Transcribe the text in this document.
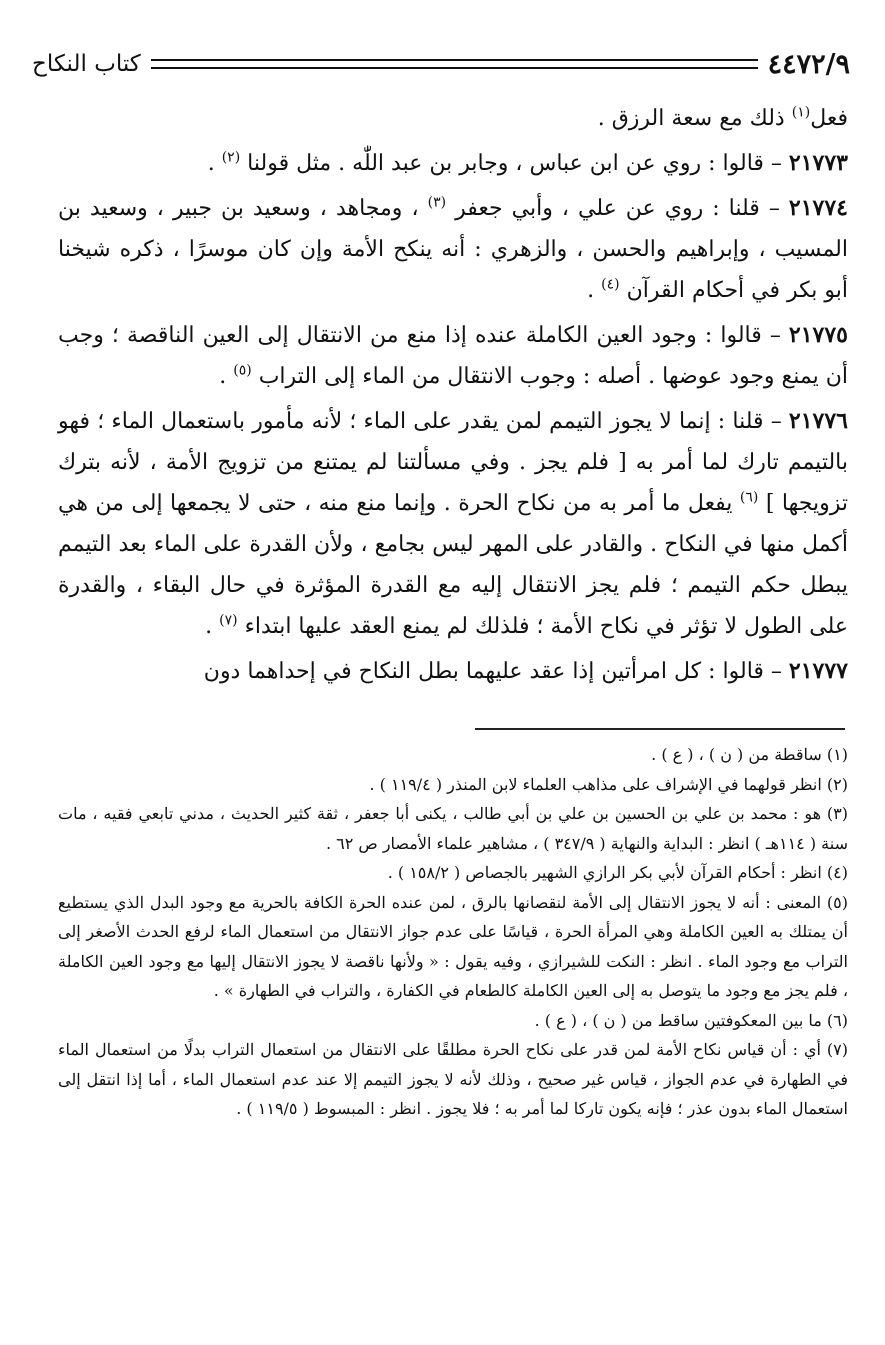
٤٤٧٢/٩
كتاب النكاح

فعل$^{(١)}$ ذلك مع سعة الرزق .

٢١٧٧٣ – قالوا : روي عن ابن عباس ، وجابر بن عبد اللّٰه . مثل قولنا $^{(٢)}$ .

٢١٧٧٤ – قلنا : روي عن علي ، وأبي جعفر $^{(٣)}$ ، ومجاهد ، وسعيد بن جبير ، وسعيد بن المسيب ، وإبراهيم والحسن ، والزهري : أنه ينكح الأمة وإن كان موسرًا ، ذكره شيخنا أبو بكر في أحكام القرآن $^{(٤)}$ .

٢١٧٧٥ – قالوا : وجود العين الكاملة عنده إذا منع من الانتقال إلى العين الناقصة ؛ وجب أن يمنع وجود عوضها . أصله : وجوب الانتقال من الماء إلى التراب $^{(٥)}$ .

٢١٧٧٦ – قلنا : إنما لا يجوز التيمم لمن يقدر على الماء ؛ لأنه مأمور باستعمال الماء ؛ فهو بالتيمم تارك لما أمر به [ فلم يجز . وفي مسألتنا لم يمتنع من تزويج الأمة ، لأنه بترك تزويجها ] $^{(٦)}$ يفعل ما أمر به من نكاح الحرة . وإنما منع منه ، حتى لا يجمعها إلى من هي أكمل منها في النكاح . والقادر على المهر ليس بجامع ، ولأن القدرة على الماء بعد التيمم يبطل حكم التيمم ؛ فلم يجز الانتقال إليه مع القدرة المؤثرة في حال البقاء ، والقدرة على الطول لا تؤثر في نكاح الأمة ؛ فلذلك لم يمنع العقد عليها ابتداء $^{(٧)}$ .

٢١٧٧٧ – قالوا : كل امرأتين إذا عقد عليهما بطل النكاح في إحداهما دون

(١) ساقطة من ( ن ) ، ( ع ) .

(٢) انظر قولهما في الإشراف على مذاهب العلماء لابن المنذر ( ١١٩/٤ ) .

(٣) هو : محمد بن علي بن الحسين بن علي بن أبي طالب ، يكنى أبا جعفر ، ثقة كثير الحديث ، مدني تابعي فقيه ، مات سنة ( ١١٤هـ ) انظر : البداية والنهاية ( ٣٤٧/٩ ) ، مشاهير علماء الأمصار ص ٦٢ .

(٤) انظر : أحكام القرآن لأبي بكر الرازي الشهير بالجصاص ( ١٥٨/٢ ) .

(٥) المعنى : أنه لا يجوز الانتقال إلى الأمة لنقصانها بالرق ، لمن عنده الحرة الكافة بالحرية مع وجود البدل الذي يستطيع أن يمتلك به العين الكاملة وهي المرأة الحرة ، قياسًا على عدم جواز الانتقال من استعمال الماء لرفع الحدث الأصغر إلى التراب مع وجود الماء . انظر : النكت للشيرازي ، وفيه يقول : « ولأنها ناقصة لا يجوز الانتقال إليها مع وجود العين الكاملة ، فلم يجز مع وجود ما يتوصل به إلى العين الكاملة كالطعام في الكفارة ، والتراب في الطهارة » .

(٦) ما بين المعكوفتين ساقط من ( ن ) ، ( ع ) .

(٧) أي : أن قياس نكاح الأمة لمن قدر على نكاح الحرة مطلقًا على الانتقال من استعمال التراب بدلًا من استعمال الماء في الطهارة في عدم الجواز ، قياس غير صحيح ، وذلك لأنه لا يجوز التيمم إلا عند عدم استعمال الماء ، أما إذا انتقل إلى استعمال الماء بدون عذر ؛ فإنه يكون تاركا لما أمر به ؛ فلا يجوز . انظر : المبسوط ( ١١٩/٥ ) .
